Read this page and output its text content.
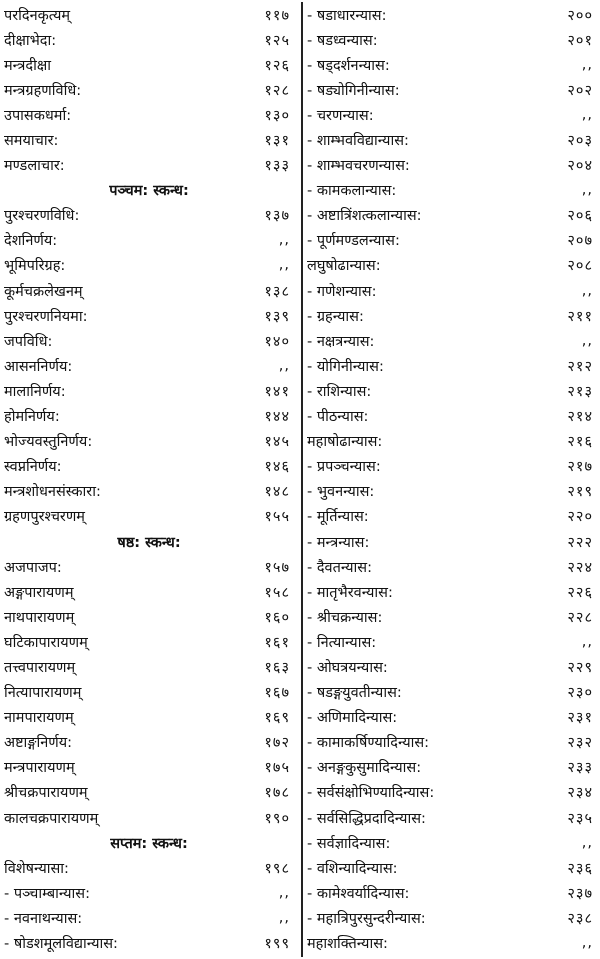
परदिनकृत्यम्	११७
दीक्षाभेदा:	१२५
मन्त्रदीक्षा	१२६
मन्त्रग्रहणविधि:	१२८
उपासकधर्मा:	१३०
समयाचार:	१३१
मण्डलाचार:	१३३
पञ्चम: स्कन्ध:
पुरश्चरणविधि:	१३७
देशनिर्णय:	,,
भूमिपरिग्रह:	,,
कूर्मचक्रलेखनम्	१३८
पुरश्चरणनियमा:	१३९
जपविधि:	१४०
आसननिर्णय:	,,
मालानिर्णय:	१४१
होमनिर्णय:	१४४
भोज्यवस्तुनिर्णय:	१४५
स्वप्ननिर्णय:	१४६
मन्त्रशोधनसंस्कारा:	१४८
ग्रहणपुरश्चरणम्	१५५
षष्ठ: स्कन्ध:
अजपाजप:	१५७
अङ्गपारायणम्	१५८
नाथपारायणम्	१६०
घटिकापारायणम्	१६१
तत्त्वपारायणम्	१६३
नित्यापारायणम्	१६७
नामपारायणम्	१६९
अष्टाङ्गनिर्णय:	१७२
मन्त्रपारायणम्	१७५
श्रीचक्रपारायणम्	१७८
कालचक्रपारायणम्	१९०
सप्तम: स्कन्ध:
विशेषन्यासा:	१९८
- पञ्चाम्बान्यास:	,,
- नवनाथन्यास:	,,
- षोडशमूलविद्यान्यास:	१९९
- षडाधारन्यास:	२००
- षडध्वन्यास:	२०१
- षड्दर्शनन्यास:	,,
- षड्योगिनीन्यास:	२०२
- चरणन्यास:	,,
- शाम्भवविद्यान्यास:	२०३
- शाम्भवचरणन्यास:	२०४
- कामकलान्यास:	,,
- अष्टात्रिंशत्कलान्यास:	२०६
- पूर्णमण्डलन्यास:	२०७
लघुषोढान्यास:	२०८
- गणेशन्यास:	,,
- ग्रहन्यास:	२११
- नक्षत्रन्यास:	,,
- योगिनीन्यास:	२१२
- राशिन्यास:	२१३
- पीठन्यास:	२१४
महाषोढान्यास:	२१६
- प्रपञ्चन्यास:	२१७
- भुवनन्यास:	२१९
- मूर्तिन्यास:	२२०
- मन्त्रन्यास:	२२२
- दैवतन्यास:	२२४
- मातृभैरवन्यास:	२२६
- श्रीचक्रन्यास:	२२८
- नित्यान्यास:	,,
- ओघत्रयन्यास:	२२९
- षडङ्गयुवतीन्यास:	२३०
- अणिमादिन्यास:	२३१
- कामाकर्षिण्यादिन्यास:	२३२
- अनङ्गकुसुमादिन्यास:	२३३
- सर्वसंक्षोभिण्यादिन्यास:	२३४
- सर्वसिद्धिप्रदादिन्यास:	२३५
- सर्वज्ञादिन्यास:	,,
- वशिन्यादिन्यास:	२३६
- कामेश्वर्यादिन्यास:	२३७
- महात्रिपुरसुन्दरीन्यास:	२३८
महाशक्तिन्यास:	,,
